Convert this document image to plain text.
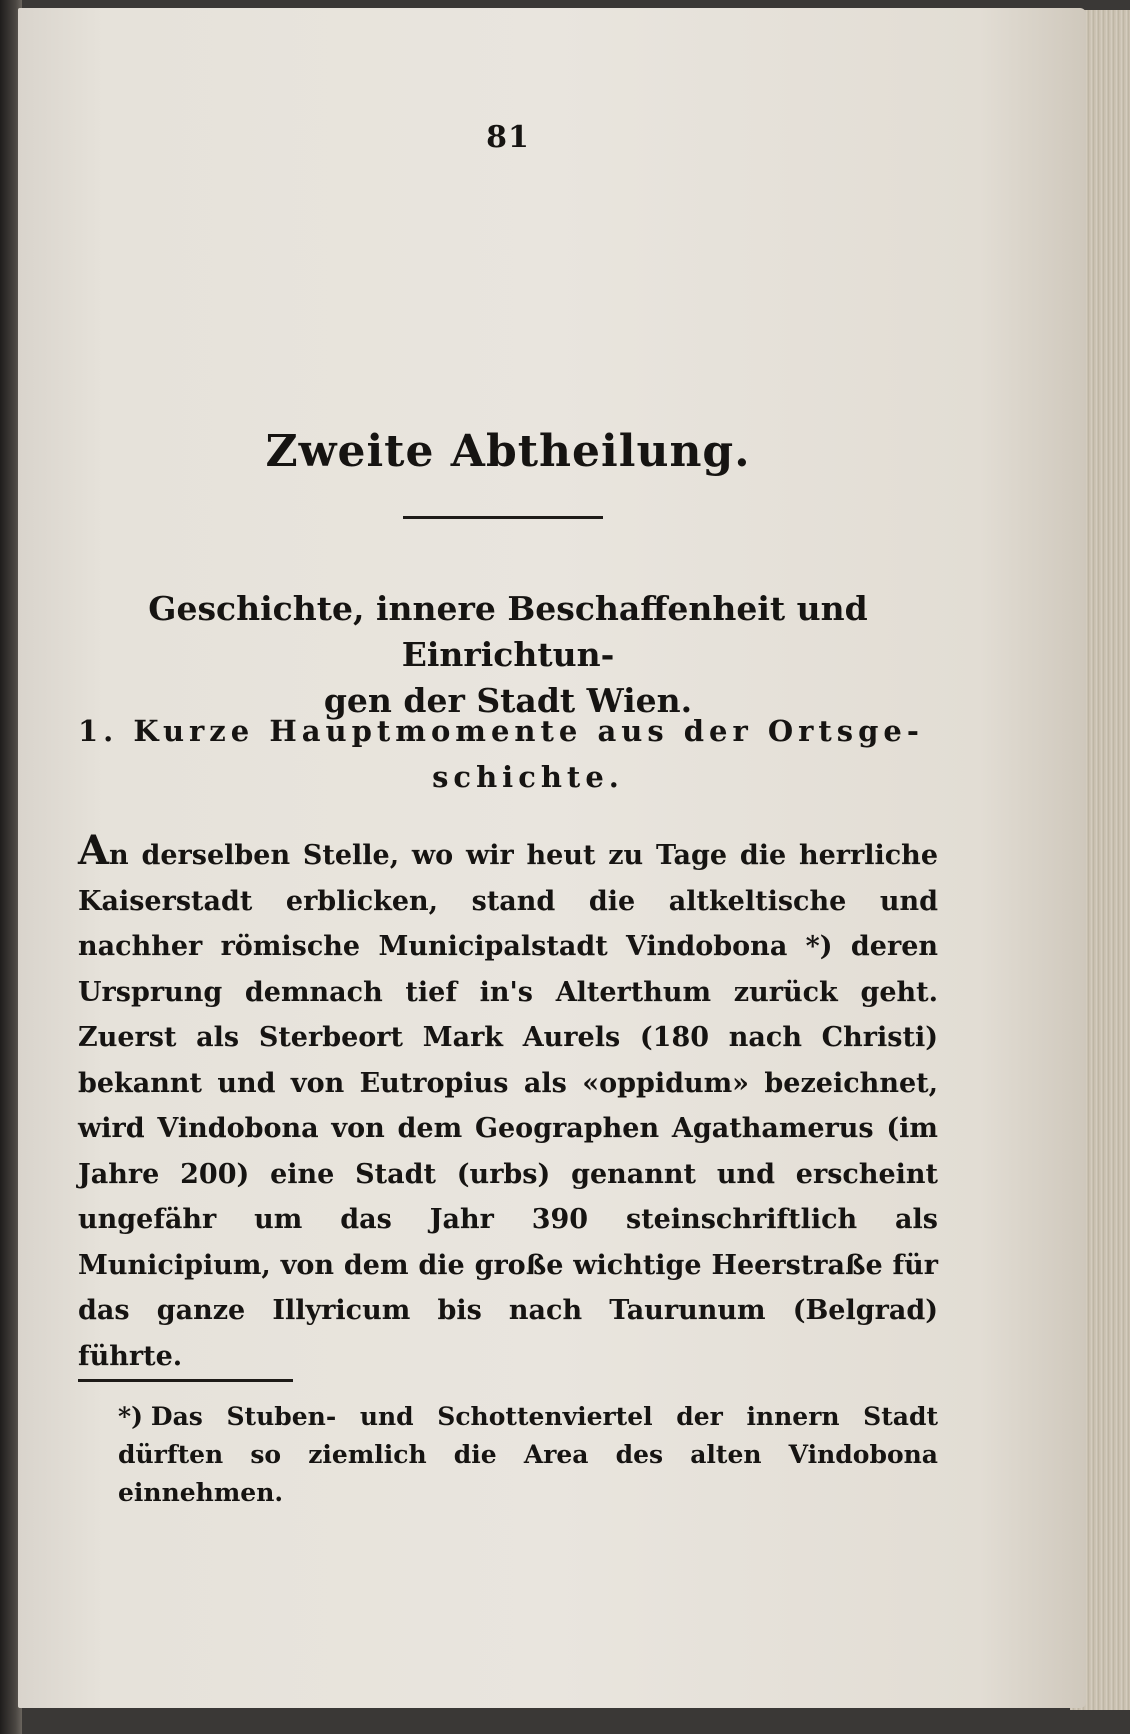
81
Zweite Abtheilung.
Geschichte, innere Beschaffenheit und Einrichtun-
gen der Stadt Wien.
1. Kurze Hauptmomente aus der Ortsge-
schichte.
An derselben Stelle, wo wir heut zu Tage die herrliche Kaiserstadt erblicken, stand die altkeltische und nachher römische Municipalstadt Vindobona *) deren Ursprung demnach tief in's Alterthum zurück geht. Zuerst als Sterbeort Mark Aurels (180 nach Christi) bekannt und von Eutropius als «oppidum» bezeichnet, wird Vindobona von dem Geographen Agathamerus (im Jahre 200) eine Stadt (urbs) genannt und erscheint ungefähr um das Jahr 390 steinschriftlich als Municipium, von dem die große wichtige Heerstraße für das ganze Illyricum bis nach Taurunum (Belgrad) führte.
*) Das Stuben- und Schottenviertel der innern Stadt dürften so ziemlich die Area des alten Vindobona einnehmen.
